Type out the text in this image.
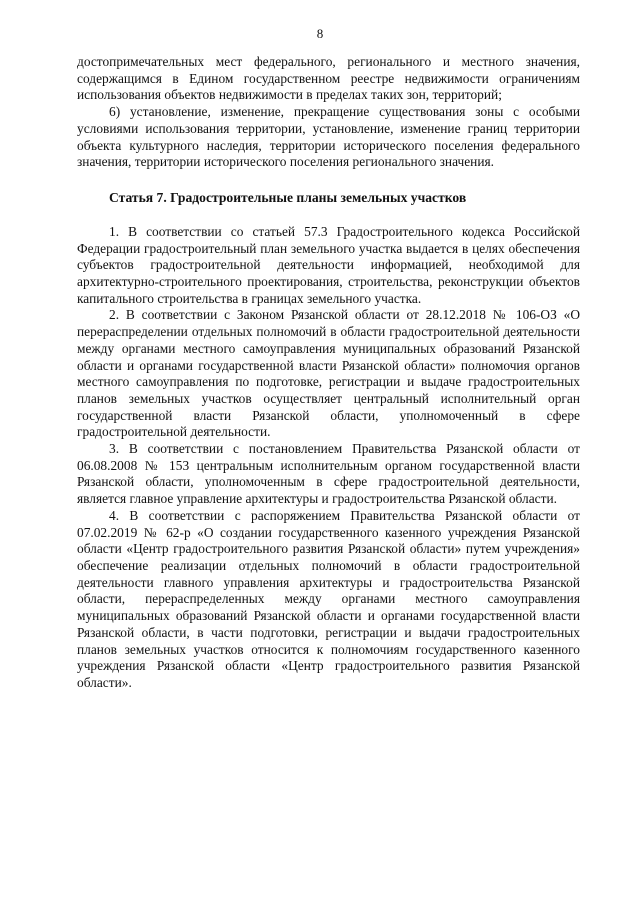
8

достопримечательных мест федерального, регионального и местного значения, содержащимся в Едином государственном реестре недвижимости ограничениям использования объектов недвижимости в пределах таких зон, территорий;

6) установление, изменение, прекращение существования зоны с особыми условиями использования территории, установление, изменение границ территории объекта культурного наследия, территории исторического поселения федерального значения, территории исторического поселения регионального значения.

Статья 7. Градостроительные планы земельных участков

1. В соответствии со статьей 57.3 Градостроительного кодекса Российской Федерации градостроительный план земельного участка выдается в целях обеспечения субъектов градостроительной деятельности информацией, необходимой для архитектурно-строительного проектирования, строительства, реконструкции объектов капитального строительства в границах земельного участка.

2. В соответствии с Законом Рязанской области от 28.12.2018 № 106-ОЗ «О перераспределении отдельных полномочий в области градостроительной деятельности между органами местного самоуправления муниципальных образований Рязанской области и органами государственной власти Рязанской области» полномочия органов местного самоуправления по подготовке, регистрации и выдаче градостроительных планов земельных участков осуществляет центральный исполнительный орган государственной власти Рязанской области, уполномоченный в сфере градостроительной деятельности.

3. В соответствии с постановлением Правительства Рязанской области от 06.08.2008 № 153 центральным исполнительным органом государственной власти Рязанской области, уполномоченным в сфере градостроительной деятельности, является главное управление архитектуры и градостроительства Рязанской области.

4. В соответствии с распоряжением Правительства Рязанской области от 07.02.2019 № 62-р «О создании государственного казенного учреждения Рязанской области «Центр градостроительного развития Рязанской области» путем учреждения» обеспечение реализации отдельных полномочий в области градостроительной деятельности главного управления архитектуры и градостроительства Рязанской области, перераспределенных между органами местного самоуправления муниципальных образований Рязанской области и органами государственной власти Рязанской области, в части подготовки, регистрации и выдачи градостроительных планов земельных участков относится к полномочиям государственного казенного учреждения Рязанской области «Центр градостроительного развития Рязанской области».
